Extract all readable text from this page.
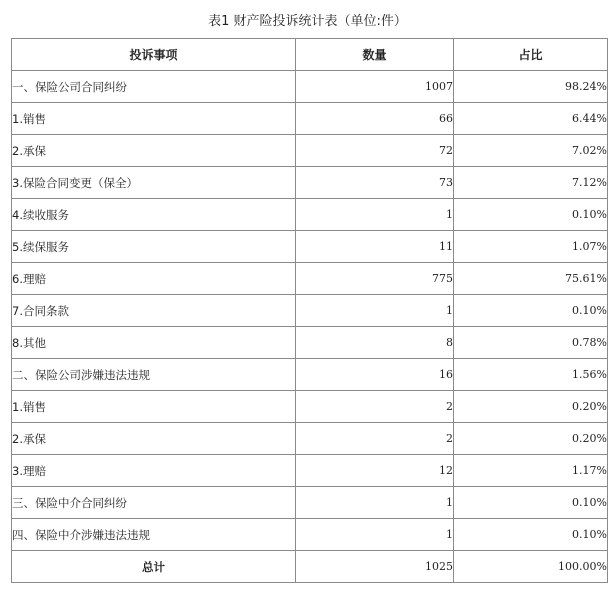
表1 财产险投诉统计表（单位:件）
投诉事项	数量	占比
一、保险公司合同纠纷	1007	98.24%
1.销售	66	6.44%
2.承保	72	7.02%
3.保险合同变更（保全）	73	7.12%
4.续收服务	1	0.10%
5.续保服务	11	1.07%
6.理赔	775	75.61%
7.合同条款	1	0.10%
8.其他	8	0.78%
二、保险公司涉嫌违法违规	16	1.56%
1.销售	2	0.20%
2.承保	2	0.20%
3.理赔	12	1.17%
三、保险中介合同纠纷	1	0.10%
四、保险中介涉嫌违法违规	1	0.10%
总计	1025	100.00%
